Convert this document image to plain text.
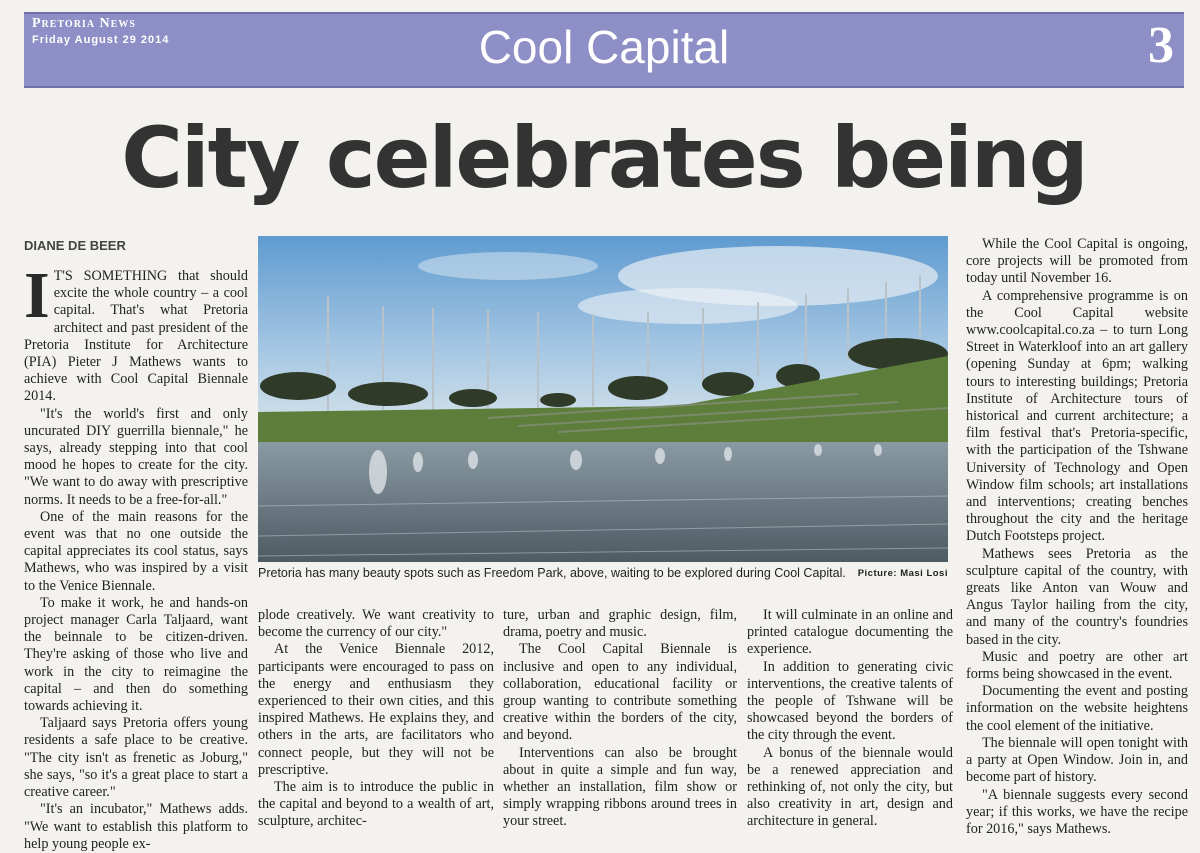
Pretoria News
Friday August 29 2014	Cool Capital	3
City celebrates being
DIANE DE BEER

I T'S SOMETHING that should excite the whole country – a cool capital. That's what Pretoria architect and past president of the Pretoria Institute for Architecture (PIA) Pieter J Mathews wants to achieve with Cool Capital Biennale 2014.

"It's the world's first and only uncurated DIY guerrilla biennale," he says, already stepping into that cool mood he hopes to create for the city. "We want to do away with prescriptive norms. It needs to be a free-for-all."

One of the main reasons for the event was that no one outside the capital appreciates its cool status, says Mathews, who was inspired by a visit to the Venice Biennale.

To make it work, he and hands-on project manager Carla Taljaard, want the beinnale to be citizen-driven. They're asking of those who live and work in the city to reimagine the capital – and then do something towards achieving it.

Taljaard says Pretoria offers young residents a safe place to be creative. "The city isn't as frenetic as Joburg," she says, "so it's a great place to start a creative career."

"It's an incubator," Mathews adds. "We want to establish this platform to help young people ex-

Pretoria has many beauty spots such as Freedom Park, above, waiting to be explored during Cool Capital. Picture: Masi Losi

plode creatively. We want creativity to become the currency of our city."

At the Venice Biennale 2012, participants were encouraged to pass on the energy and enthusiasm they experienced to their own cities, and this inspired Mathews. He explains they, and others in the arts, are facilitators who connect people, but they will not be prescriptive.

The aim is to introduce the public in the capital and beyond to a wealth of art, sculpture, architec-

ture, urban and graphic design, film, drama, poetry and music.

The Cool Capital Biennale is inclusive and open to any individual, collaboration, educational facility or group wanting to contribute something creative within the borders of the city, and beyond.

Interventions can also be brought about in quite a simple and fun way, whether an installation, film show or simply wrapping ribbons around trees in your street.

It will culminate in an online and printed catalogue documenting the experience.

In addition to generating civic interventions, the creative talents of the people of Tshwane will be showcased beyond the borders of the city through the event.

A bonus of the biennale would be a renewed appreciation and rethinking of, not only the city, but also creativity in art, design and architecture in general.

While the Cool Capital is ongoing, core projects will be promoted from today until November 16.

A comprehensive programme is on the Cool Capital website www.coolcapital.co.za – to turn Long Street in Waterkloof into an art gallery (opening Sunday at 6pm; walking tours to interesting buildings; Pretoria Institute of Architecture tours of historical and current architecture; a film festival that's Pretoria-specific, with the participation of the Tshwane University of Technology and Open Window film schools; art installations and interventions; creating benches throughout the city and the heritage Dutch Footsteps project.

Mathews sees Pretoria as the sculpture capital of the country, with greats like Anton van Wouw and Angus Taylor hailing from the city, and many of the country's foundries based in the city.

Music and poetry are other art forms being showcased in the event.

Documenting the event and posting information on the website heightens the cool element of the initiative.

The biennale will open tonight with a party at Open Window. Join in, and become part of history.

"A biennale suggests every second year; if this works, we have the recipe for 2016," says Mathews.
